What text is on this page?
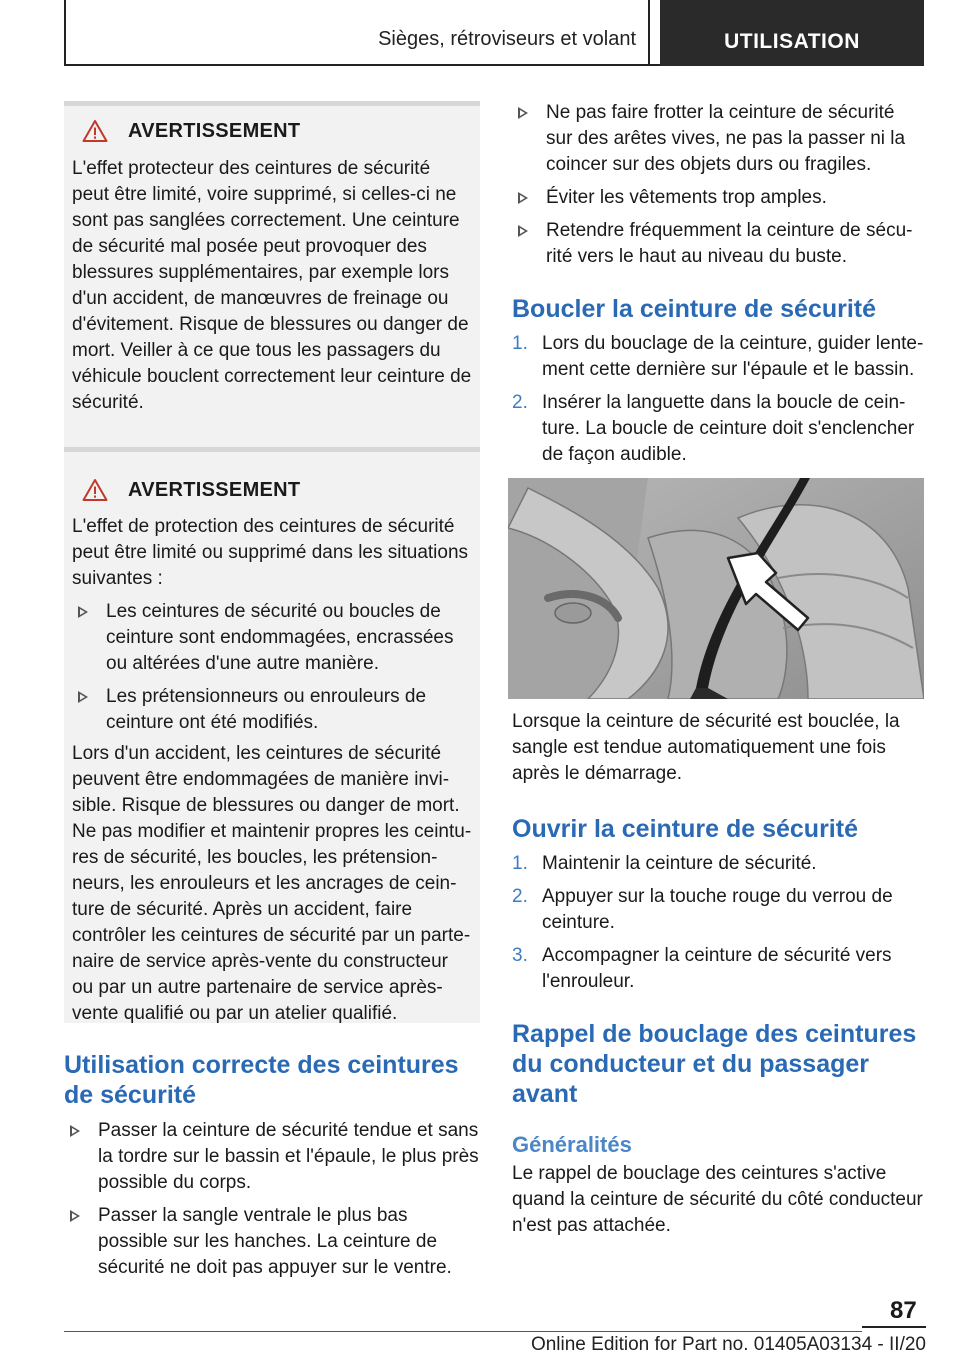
Sièges, rétroviseurs et volant	UTILISATION
AVERTISSEMENT

L'effet protecteur des ceintures de sécurité peut être limité, voire supprimé, si celles-ci ne sont pas sanglées correctement. Une ceinture de sécurité mal posée peut provoquer des blessures supplémentaires, par exemple lors d'un accident, de manœuvres de freinage ou d'évitement. Risque de blessures ou danger de mort. Veiller à ce que tous les passagers du véhicule bouclent correctement leur ceinture de sécurité.

AVERTISSEMENT

L'effet de protection des ceintures de sécurité peut être limité ou supprimé dans les situations suivantes :

Les ceintures de sécurité ou boucles de ceinture sont endommagées, encrassées ou altérées d'une autre manière.
Les prétensionneurs ou enrouleurs de ceinture ont été modifiés.

Lors d'un accident, les ceintures de sécurité peuvent être endommagées de manière invisible. Risque de blessures ou danger de mort. Ne pas modifier et maintenir propres les ceintures de sécurité, les boucles, les prétensionneurs, les enrouleurs et les ancrages de ceinture de sécurité. Après un accident, faire contrôler les ceintures de sécurité par un partenaire de service après-vente du constructeur ou par un autre partenaire de service après-vente qualifié ou par un atelier qualifié.

Utilisation correcte des ceintures de sécurité
Passer la ceinture de sécurité tendue et sans la tordre sur le bassin et l'épaule, le plus près possible du corps.
Passer la sangle ventrale le plus bas possible sur les hanches. La ceinture de sécurité ne doit pas appuyer sur le ventre.
Ne pas faire frotter la ceinture de sécurité sur des arêtes vives, ne pas la passer ni la coincer sur des objets durs ou fragiles.
Éviter les vêtements trop amples.
Retendre fréquemment la ceinture de sécurité vers le haut au niveau du buste.
Boucler la ceinture de sécurité
1. Lors du bouclage de la ceinture, guider lentement cette dernière sur l'épaule et le bassin.
2. Insérer la languette dans la boucle de ceinture. La boucle de ceinture doit s'enclencher de façon audible.

Lorsque la ceinture de sécurité est bouclée, la sangle est tendue automatiquement une fois après le démarrage.

Ouvrir la ceinture de sécurité
1. Maintenir la ceinture de sécurité.
2. Appuyer sur la touche rouge du verrou de ceinture.
3. Accompagner la ceinture de sécurité vers l'enrouleur.
Rappel de bouclage des ceintures du conducteur et du passager avant
Généralités

Le rappel de bouclage des ceintures s'active quand la ceinture de sécurité du côté conducteur n'est pas attachée.

87
Online Edition for Part no. 01405A03134 - II/20
